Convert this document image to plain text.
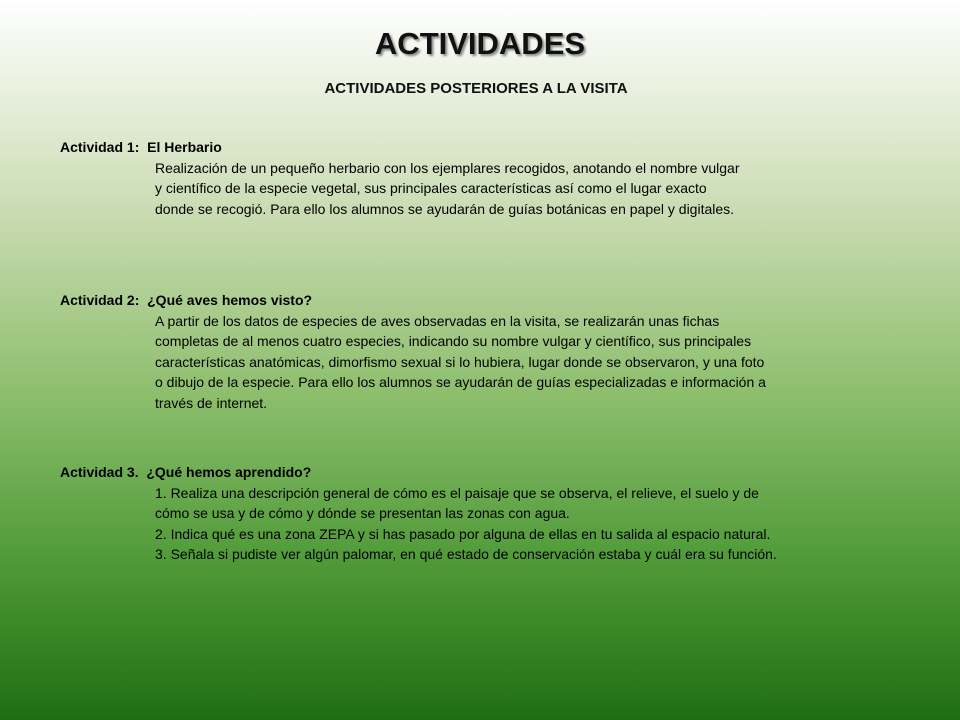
ACTIVIDADES
ACTIVIDADES POSTERIORES A LA VISITA
Actividad 1:  El Herbario
Realización de un pequeño herbario con los ejemplares recogidos, anotando el nombre vulgar
y científico de la especie vegetal, sus principales características así como el lugar exacto
donde se recogió. Para ello los alumnos se ayudarán de guías botánicas en papel y digitales.
Actividad 2:  ¿Qué aves hemos visto?
A partir de los datos de especies de aves observadas en la visita, se realizarán unas fichas
completas de al menos cuatro especies, indicando su nombre vulgar y científico, sus principales
características anatómicas, dimorfismo sexual si lo hubiera, lugar donde se observaron, y una foto
o dibujo de la especie. Para ello los alumnos se ayudarán de guías especializadas e información a
través de internet.
Actividad 3.  ¿Qué hemos aprendido?
1. Realiza una descripción general de cómo es el paisaje que se observa, el relieve, el suelo y de
cómo se usa y de cómo y dónde se presentan las zonas con agua.
2. Indica qué es una zona ZEPA y si has pasado por alguna de ellas en tu salida al espacio natural.
3. Señala si pudiste ver algún palomar, en qué estado de conservación estaba y cuál era su función.
